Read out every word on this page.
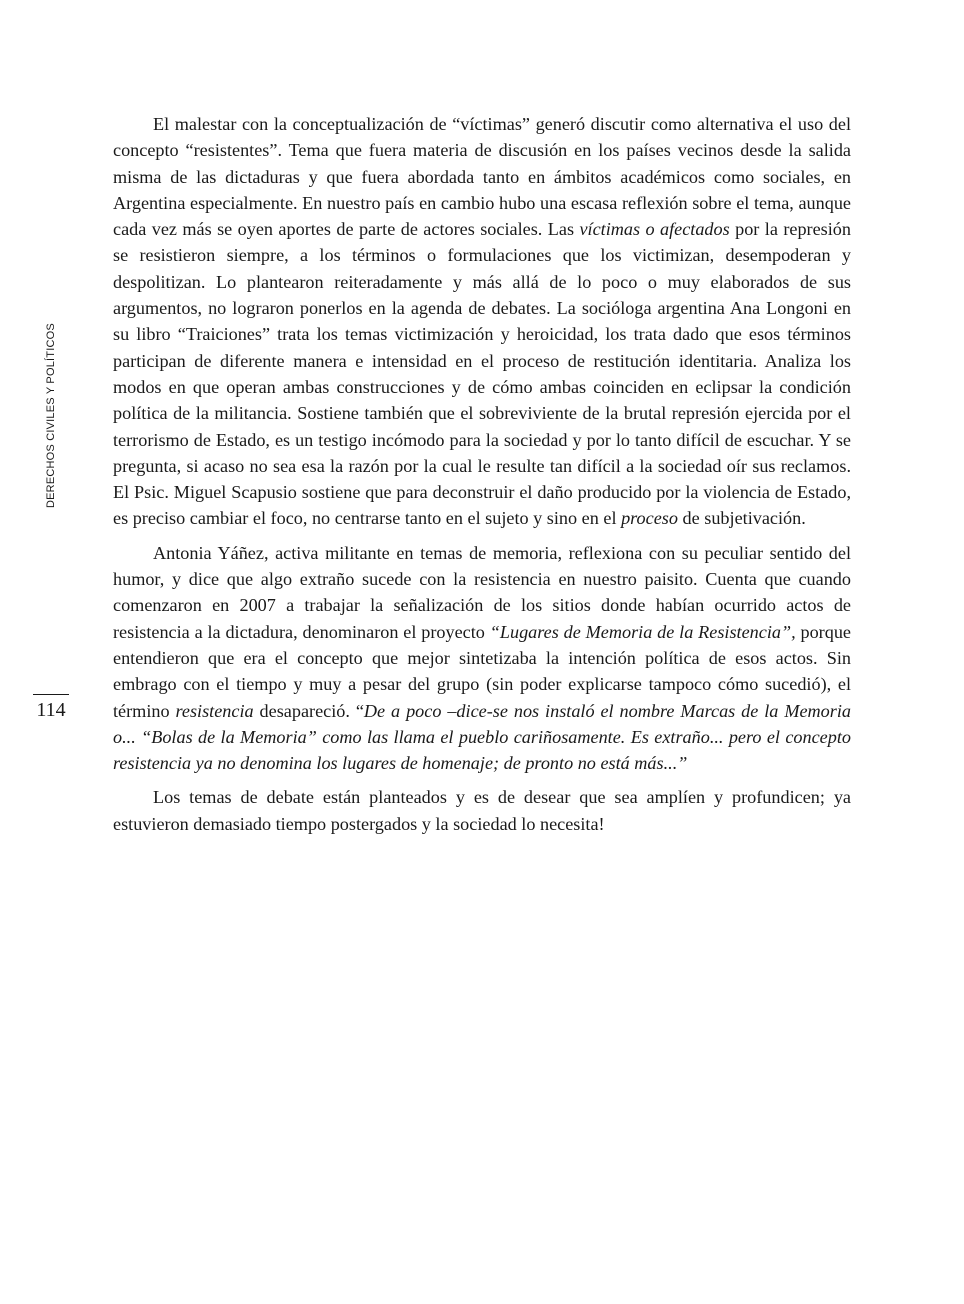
DERECHOS CIVILES Y POLÍTICOS
114

El malestar con la conceptualización de “víctimas” generó discutir como alternativa el uso del concepto “resistentes”. Tema que fuera materia de discusión en los países vecinos desde la salida misma de las dictaduras y que fuera abordada tanto en ámbitos académicos como sociales, en Argentina especialmente. En nuestro país en cambio hubo una escasa reflexión sobre el tema, aunque cada vez más se oyen aportes de parte de actores sociales. Las víctimas o afectados por la represión se resistieron siempre, a los términos o formulaciones que los victimizan, desempoderan y despolitizan. Lo plantearon reiteradamente y más allá de lo poco o muy elaborados de sus argumentos, no lograron ponerlos en la agenda de debates. La socióloga argentina Ana Longoni en su libro “Traiciones” trata los temas victimización y heroicidad, los trata dado que esos términos participan de diferente manera e intensidad en el proceso de restitución identitaria. Analiza los modos en que operan ambas construcciones y de cómo ambas coinciden en eclipsar la condición política de la militancia. Sostiene también que el sobreviviente de la brutal represión ejercida por el terrorismo de Estado, es un testigo incómodo para la sociedad y por lo tanto difícil de escuchar. Y se pregunta, si acaso no sea esa la razón por la cual le resulte tan difícil a la sociedad oír sus reclamos. El Psic. Miguel Scapusio sostiene que para deconstruir el daño producido por la violencia de Estado, es preciso cambiar el foco, no centrarse tanto en el sujeto y sino en el proceso de subjetivación.

Antonia Yáñez, activa militante en temas de memoria, reflexiona con su peculiar sentido del humor, y dice que algo extraño sucede con la resistencia en nuestro paisito. Cuenta que cuando comenzaron en 2007 a trabajar la señalización de los sitios donde habían ocurrido actos de resistencia a la dictadura, denominaron el proyecto “Lugares de Memoria de la Resistencia”, porque entendieron que era el concepto que mejor sintetizaba la intención política de esos actos. Sin embrago con el tiempo y muy a pesar del grupo (sin poder explicarse tampoco cómo sucedió), el término resistencia desapareció. “De a poco –dice-se nos instaló el nombre Marcas de la Memoria o... “Bolas de la Memoria” como las llama el pueblo cariñosamente. Es extraño... pero el concepto resistencia ya no denomina los lugares de homenaje; de pronto no está más...”

Los temas de debate están planteados y es de desear que sea amplíen y profundicen; ya estuvieron demasiado tiempo postergados y la sociedad lo necesita!
